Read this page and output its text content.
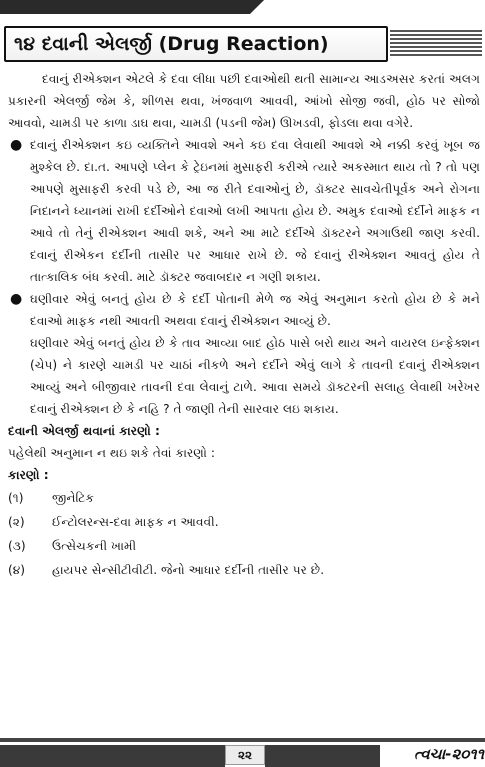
૧૪ દવાની એલર્જી (Drug Reaction)

દવાનું રીએક્શન એટલે કે દવા લીધા પછી દવાઓથી થતી સામાન્ય આડઅસર કરતાં અલગ પ્રકારની એલર્જી જેમ કે, શીળસ થવા, ખંજવાળ આવવી, આંખો સોજી જવી, હોઠ પર સોજો આવવો, ચામડી પર કાળા ડાઘ થવા, ચામડી (પડની જેમ) ઊખડવી, ફોડલા થવા વગેરે.

● દવાનું રીએક્શન કઇ વ્યક્તિને આવશે અને કઇ દવા લેવાથી આવશે એ નક્કી કરવું ખૂબ જ મુશ્કેલ છે. દા.ત. આપણે પ્લેન કે ટ્રેઇનમાં મુસાફરી કરીએ ત્યારે અકસ્માત થાય તો ? તો પણ આપણે મુસાફરી કરવી પડે છે, આ જ રીતે દવાઓનું છે, ડૉક્ટર સાવચેતીપૂર્વક અને રોગના નિદાનને ધ્યાનમાં રાખી દર્દીઓને દવાઓ લખી આપતા હોય છે. અમુક દવાઓ દર્દીને માફક ન આવે તો તેનું રીએક્શન આવી શકે, અને આ માટે દર્દીએ ડૉક્ટરને અગાઉથી જાણ કરવી. દવાનું રીએકન દર્દીની તાસીર પર આધાર રાખે છે. જે દવાનું રીએક્શન આવતું હોય તે તાત્કાલિક બંધ કરવી. માટે ડૉક્ટર જવાબદાર ન ગણી શકાય.
● ઘણીવાર એવું બનતું હોય છે કે દર્દી પોતાની મેળે જ એવું અનુમાન કરતો હોય છે કે મને દવાઓ માફક નથી આવતી અથવા દવાનું રીએક્શન આવ્યું છે.

ઘણીવાર એવું બનતું હોય છે કે તાવ આવ્યા બાદ હોઠ પાસે બરો થાય અને વાયરલ ઇન્ફેક્શન (ચેપ) ને કારણે ચામડી પર ચાઠાં નીકળે અને દર્દીને એવું લાગે કે તાવની દવાનું રીએક્શન આવ્યું અને બીજીવાર તાવની દવા લેવાનું ટાળે. આવા સમયે ડૉક્ટરની સલાહ લેવાથી ખરેખર દવાનું રીએક્શન છે કે નહિ ? તે જાણી તેની સારવાર લઇ શકાય.

દવાની એલર્જી થવાનાં કારણો :

પહેલેથી અનુમાન ન થઇ શકે તેવાં કારણો :

કારણો :

(૧)	જીનેટિક
(૨)	ઈન્ટોલરન્સ-દવા માફક ન આવવી.
(૩)	ઉત્સેચકની ખામી
(૪)	હાયપર સેન્સીટીવીટી. જેનો આધાર દર્દીની તાસીર પર છે.
૨૨	ત્વચા-૨૦૧૧
